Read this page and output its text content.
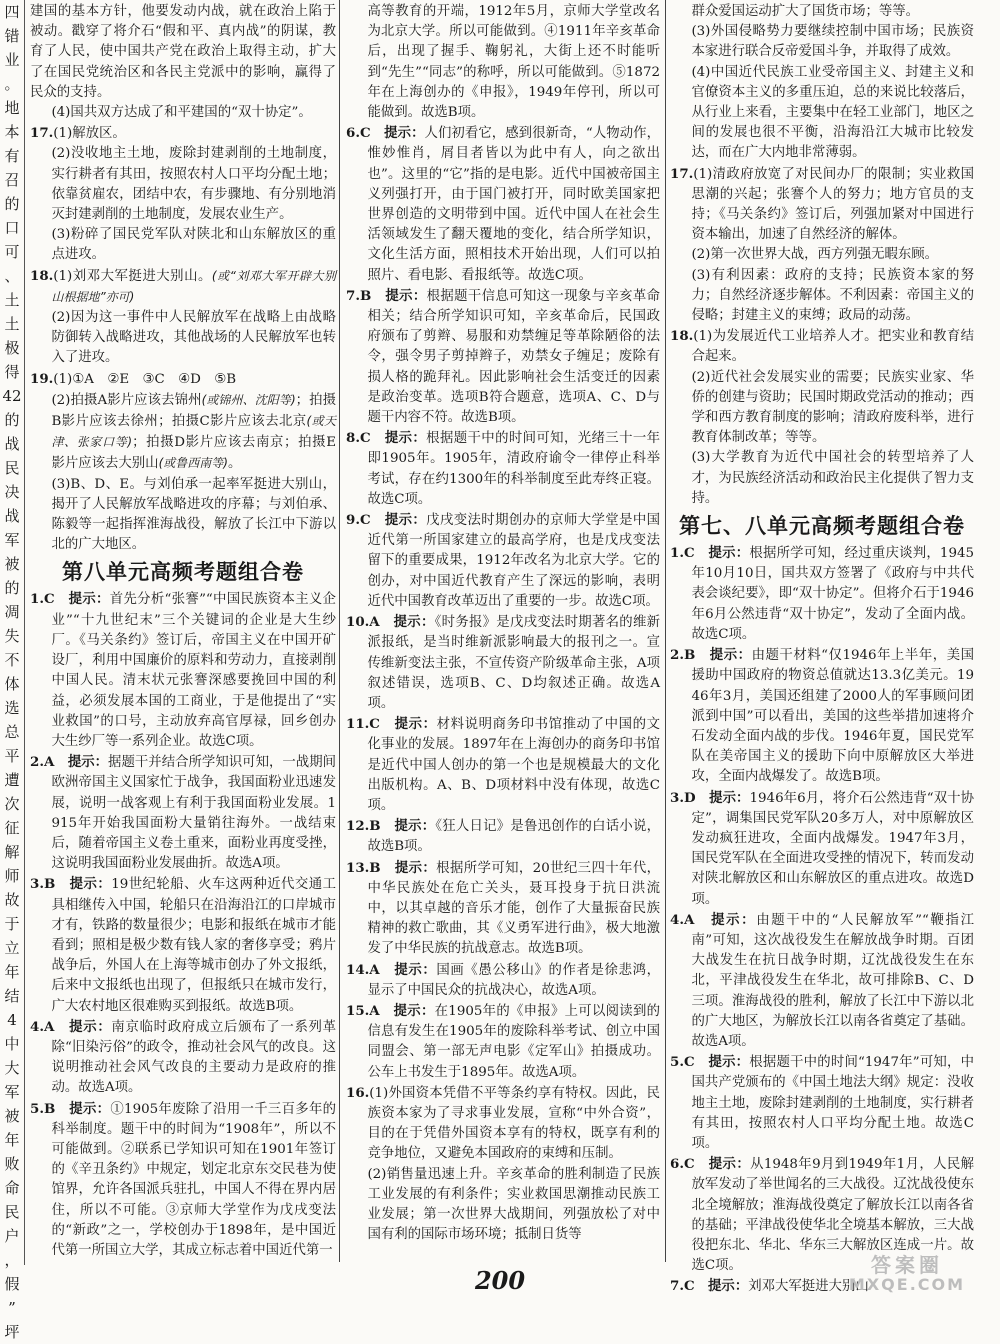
四
错
业
。
地
本
有
召
的
口
可
、
土
土
极
得
42
的
战
民
决
战
军
被
的
凋
失
不
体
选
总
平
遭
次
征
解
师
故
于
立年
结
4
中
大
军
被
年
败
命
民
户
，
假
”
坪

建国的基本方针，他要发动内战，就在政治上陷于被动。戳穿了将介石“假和平、真内战”的阴谋，教育了人民，使中国共产党在政治上取得主动，扩大了在国民党统治区和各民主党派中的影响，赢得了民众的支持。

(4)国共双方达成了和平建国的“双十协定”。

17.(1)解放区。

(2)没收地主土地，废除封建剥削的土地制度，实行耕者有其田，按照农村人口平均分配土地；依靠贫雇农，团结中农，有步骤地、有分别地消灭封建剥削的土地制度，发展农业生产。

(3)粉碎了国民党军队对陕北和山东解放区的重点进攻。

18.(1)刘邓大军挺进大别山。(或“刘邓大军开辟大别山根据地”亦可)

(2)因为这一事件中人民解放军在战略上由战略防御转入战略进攻，其他战场的人民解放军也转入了进攻。

19.(1)①A　②E　③C　④D　⑤B

(2)拍摄A影片应该去锦州(或锦州、沈阳等)；拍摄B影片应该去徐州；拍摄C影片应该去北京(或天津、张家口等)；拍摄D影片应该去南京；拍摄E影片应该去大别山(或鲁西南等)。

(3)B、D、E。与刘伯承一起率军挺进大别山，揭开了人民解放军战略进攻的序幕；与刘伯承、陈毅等一起指挥淮海战役，解放了长江中下游以北的广大地区。

第八单元高频考题组合卷

1.C　 提示：首先分析“张謇”“中国民族资本主义企业”“十九世纪末”三个关键词的企业是大生纱厂。《马关条约》签订后，帝国主义在中国开矿设厂，利用中国廉价的原料和劳动力，直接剥削中国人民。清末状元张謇深感要挽回中国的利益，必须发展本国的工商业，于是他提出了“实业救国”的口号，主动放弃高官厚禄，回乡创办大生纱厂等一系列企业。故选C项。

2.A　 提示：据题干并结合所学知识可知，一战期间欧洲帝国主义国家忙于战争，我国面粉业迅速发展，说明一战客观上有利于我国面粉业发展。1915年开始我国面粉大量销往海外。一战结束后，随着帝国主义卷土重来，面粉业再度受挫，这说明我国面粉业发展曲折。故选A项。

3.B　 提示：19世纪轮船、火车这两种近代交通工具相继传入中国，轮船只在沿海沿江的口岸城市才有，铁路的数量很少；电影和报纸在城市才能看到；照相是极少数有钱人家的奢侈享受；鸦片战争后，外国人在上海等城市创办了外文报纸，后来中文报纸也出现了，但报纸只在城市发行，广大农村地区很难购买到报纸。故选B项。

4.A　 提示：南京临时政府成立后颁布了一系列革除“旧染污俗”的政令，推动社会风气的改良。这说明推动社会风气改良的主要动力是政府的推动。故选A项。

5.B　 提示：①1905年废除了沿用一千三百多年的科举制度。题干中的时间为“1908年”，所以不可能做到。②联系已学知识可知在1901年签订的《辛丑条约》中规定，划定北京东交民巷为使馆界，允许各国派兵驻扎，中国人不得在界内居住，所以不可能。③京师大学堂作为戊戌变法的“新政”之一，学校创办于1898年，是中国近代第一所国立大学，其成立标志着中国近代第一

高等教育的开端，1912年5月，京师大学堂改名为北京大学。所以可能做到。④1911年辛亥革命后，出现了握手、鞠躬礼，大街上还不时能听到“先生”“同志”的称呼，所以可能做到。⑤1872年在上海创办的《申报》，1949年停刊，所以可能做到。故选B项。

6.C　 提示：人们初看它，感到很新奇，“人物动作，惟妙惟肖，屑目者皆以为此中有人，向之欲出也”。这里的“它”指的是电影。近代中国被帝国主义列强打开，由于国门被打开，同时欧美国家把世界创造的文明带到中国。近代中国人在社会生活领域发生了翻天覆地的变化，结合所学知识，文化生活方面，照相技术开始出现，人们可以拍照片、看电影、看报纸等。故选C项。

7.B　 提示：根据题干信息可知这一现象与辛亥革命相关；结合所学知识可知，辛亥革命后，民国政府颁布了剪辫、易服和劝禁缠足等革除陋俗的法令，强令男子剪掉辫子，劝禁女子缠足；废除有损人格的跪拜礼。因此影响社会生活变迁的因素是政治变革。选项B符合题意，选项A、C、D与题干内容不符。故选B项。

8.C　 提示：根据题干中的时间可知，光绪三十一年即1905年。1905年，清政府谕令一律停止科举考试，存在约1300年的科举制度至此寿终正寝。故选C项。

9.C　 提示：戊戌变法时期创办的京师大学堂是中国近代第一所国家建立的最高学府，也是戊戌变法留下的重要成果，1912年改名为北京大学。它的创办，对中国近代教育产生了深远的影响，表明近代中国教育改革迈出了重要的一步。故选C项。

10.A　 提示：《时务报》是戊戌变法时期著名的维新派报纸，是当时维新派影响最大的报刊之一。宣传维新变法主张，不宣传资产阶级革命主张，A项叙述错误，选项B、C、D均叙述正确。故选A项。

11.C　 提示：材料说明商务印书馆推动了中国的文化事业的发展。1897年在上海创办的商务印书馆是近代中国人创办的第一个也是规模最大的文化出版机构。A、B、D项材料中没有体现，故选C项。

12.B　 提示：《狂人日记》是鲁迅创作的白话小说，故选B项。

13.B　 提示：根据所学可知，20世纪三四十年代，中华民族处在危亡关头，聂耳投身于抗日洪流中，以其卓越的音乐才能，创作了大量振奋民族精神的救亡歌曲，其《义勇军进行曲》，极大地激发了中华民族的抗战意志。故选B项。

14.A　 提示：国画《愚公移山》的作者是徐悲鸿，显示了中国民众的抗战决心，故选A项。

15.A　 提示：在1905年的《申报》上可以阅读到的信息有发生在1905年的废除科举考试、创立中国同盟会、第一部无声电影《定军山》拍摄成功。公车上书发生于1895年。故选A项。

16.(1)外国资本凭借不平等条约享有特权。因此，民族资本家为了寻求事业发展，宣称“中外合资”，目的在于凭借外国资本享有的特权，既享有利的竞争地位，又避免本国政府的束缚和压制。

(2)销售量迅速上升。辛亥革命的胜利制造了民族工业发展的有利条件；实业救国思潮推动民族工业发展；第一次世界大战期间，列强放松了对中国有利的国际市场环境；抵制日货等

群众爱国运动扩大了国货市场；等等。

(3)外国侵略势力要继续控制中国市场；民族资本家进行联合反帝爱国斗争，并取得了成效。

(4)中国近代民族工业受帝国主义、封建主义和官僚资本主义的多重压迫，总的来说比较落后，从行业上来看，主要集中在轻工业部门，地区之间的发展也很不平衡，沿海沿江大城市比较发达，而在广大内地非常薄弱。

17.(1)清政府放宽了对民间办厂的限制；实业救国思潮的兴起；张謇个人的努力；地方官员的支持；《马关条约》签订后，列强加紧对中国进行资本输出，加速了自然经济的解体。

(2)第一次世界大战，西方列强无暇东顾。

(3)有利因素：政府的支持；民族资本家的努力；自然经济逐步解体。不利因素：帝国主义的侵略；封建主义的束缚；政局的动荡。

18.(1)为发展近代工业培养人才。把实业和教育结合起来。

(2)近代社会发展实业的需要；民族实业家、华侨的创建与资助；民国时期政党活动的推动；西学和西方教育制度的影响；清政府废科举，进行教育体制改革；等等。

(3)大学教育为近代中国社会的转型培养了人才，为民族经济活动和政治民主化提供了智力支持。

第七、八单元高频考题组合卷

1.C　 提示：根据所学可知，经过重庆谈判，1945年10月10日，国共双方签署了《政府与中共代表会谈纪要》，即“双十协定”。但将介石于1946年6月公然违背“双十协定”，发动了全面内战。故选C项。

2.B　 提示：由题干材料“仅1946年上半年，美国援助中国政府的物资总值就达13.3亿美元。1946年3月，美国还组建了2000人的军事顾问团派到中国”可以看出，美国的这些举措加速将介石发动全面内战的步伐。1946年夏，国民党军队在美帝国主义的援助下向中原解放区大举进攻，全面内战爆发了。故选B项。

3.D　 提示：1946年6月，将介石公然违背“双十协定”，调集国民党军队20多万人，对中原解放区发动疯狂进攻，全面内战爆发。1947年3月，国民党军队在全面进攻受挫的情况下，转而发动对陕北解放区和山东解放区的重点进攻。故选D项。

4.A　 提示：由题干中的“人民解放军”“鞭指江南”可知，这次战役发生在解放战争时期。百团大战发生在抗日战争时期，辽沈战役发生在东北，平津战役发生在华北，故可排除B、C、D三项。淮海战役的胜利，解放了长江中下游以北的广大地区，为解放长江以南各省奠定了基础。故选A项。

5.C　 提示：根据题干中的时间“1947年”可知，中国共产党颁布的《中国土地法大纲》规定：没收地主土地，废除封建剥削的土地制度，实行耕者有其田，按照农村人口平均分配土地。故选C项。

6.C　 提示：从1948年9月到1949年1月，人民解放军发动了举世闻名的三大战役。辽沈战役使东北全境解放；淮海战役奠定了解放长江以南各省的基础；平津战役使华北全境基本解放，三大战役把东北、华北、华东三大解放区连成一片。故选C项。

7.C　 提示：刘邓大军挺进大别山

200
答案圈
MXQE.COM
